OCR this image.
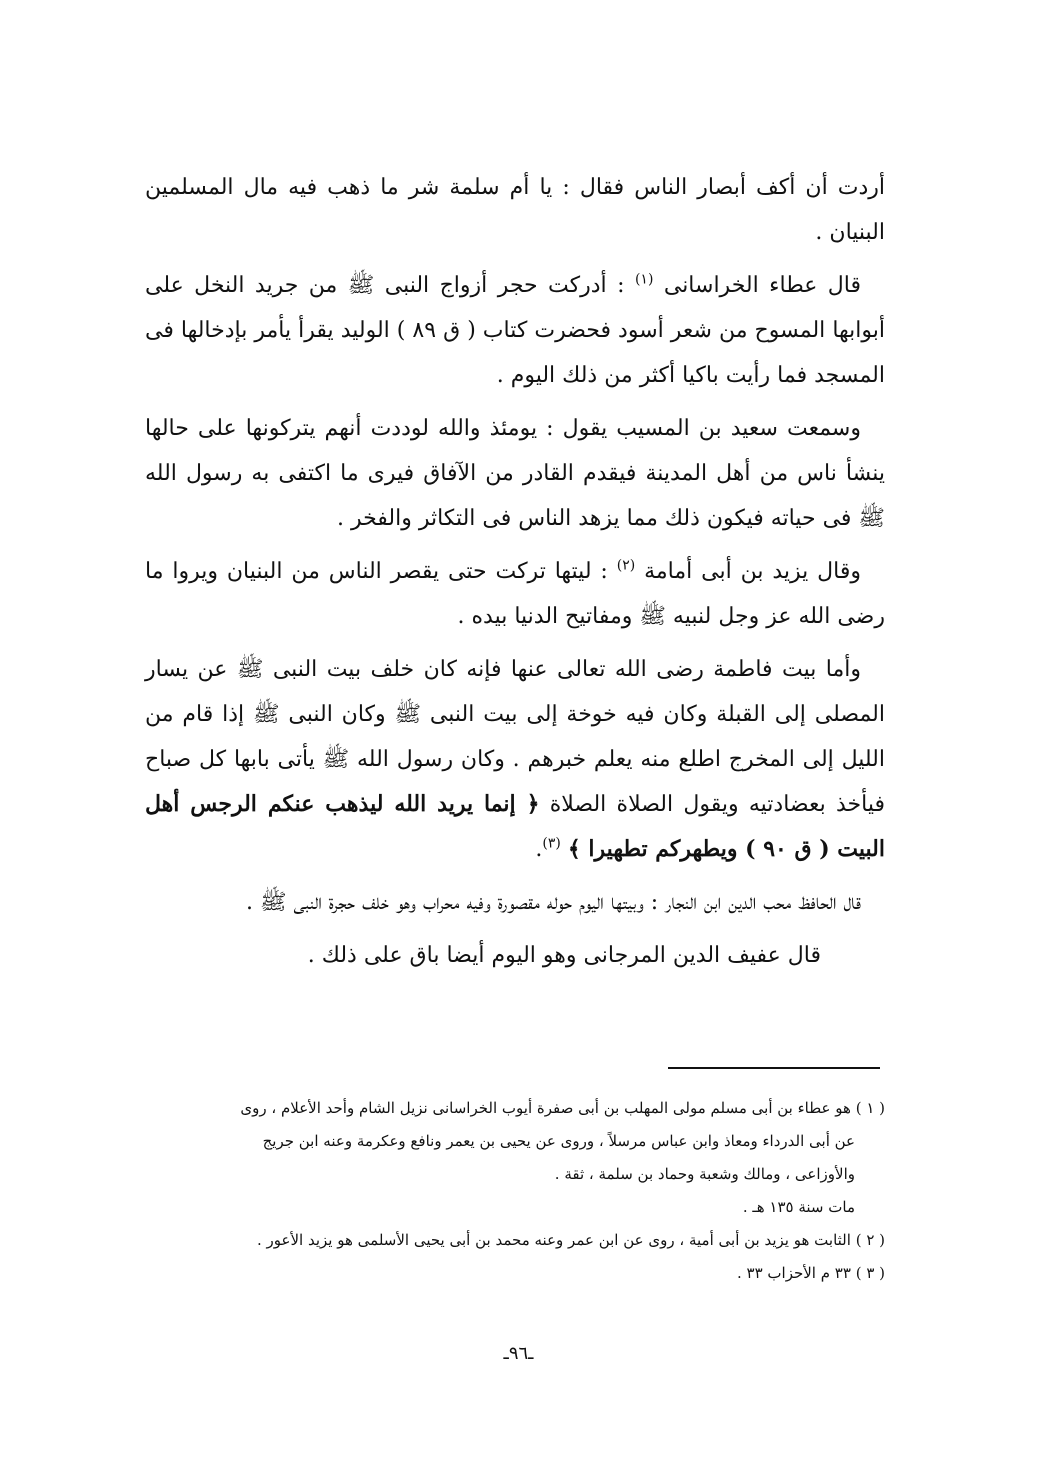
أردت أن أكف أبصار الناس فقال : يا أم سلمة شر ما ذهب فيه مال المسلمين البنيان .

قال عطاء الخراسانى $^{(١)}$ : أدركت حجر أزواج النبى ﷺ من جريد النخل على أبوابها المسوح من شعر أسود فحضرت كتاب ( ق ٨٩ ) الوليد يقرأ يأمر بإدخالها فى المسجد فما رأيت باكيا أكثر من ذلك اليوم .

وسمعت سعيد بن المسيب يقول : يومئذ والله لوددت أنهم يتركونها على حالها ينشأ ناس من أهل المدينة فيقدم القادر من الآفاق فيرى ما اكتفى به رسول الله ﷺ فى حياته فيكون ذلك مما يزهد الناس فى التكاثر والفخر .

وقال يزيد بن أبى أمامة $^{(٢)}$ : ليتها تركت حتى يقصر الناس من البنيان ويروا ما رضى الله عز وجل لنبيه ﷺ ومفاتيح الدنيا بيده .

وأما بيت فاطمة رضى الله تعالى عنها فإنه كان خلف بيت النبى ﷺ عن يسار المصلى إلى القبلة وكان فيه خوخة إلى بيت النبى ﷺ وكان النبى ﷺ إذا قام من الليل إلى المخرج اطلع منه يعلم خبرهم . وكان رسول الله ﷺ يأتى بابها كل صباح فيأخذ بعضادتيه ويقول الصلاة الصلاة ﴿ إنما يريد الله ليذهب عنكم الرجس أهل البيت ( ق ٩٠ ) ويطهركم تطهيرا ﴾ $^{(٣)}$.

قال الحافظ محب الدين ابن النجار : وبيتها اليوم حوله مقصورة وفيه محراب وهو خلف حجرة النبى ﷺ .

قال عفيف الدين المرجانى وهو اليوم أيضا باق على ذلك .

( ١ ) هو عطاء بن أبى مسلم مولى المهلب بن أبى صفرة أيوب الخراسانى نزيل الشام وأحد الأعلام ، روى

عن أبى الدرداء ومعاذ وابن عباس مرسلاً ، وروى عن يحيى بن يعمر ونافع وعكرمة وعنه ابن جريج

والأوزاعى ، ومالك وشعبة وحماد بن سلمة ، ثقة .

مات سنة ١٣٥ هـ .

( ٢ ) الثابت هو يزيد بن أبى أمية ، روى عن ابن عمر وعنه محمد بن أبى يحيى الأسلمى هو يزيد الأعور .

( ٣ ) ٣٣ م الأحزاب ٣٣ .

ـ٩٦ـ
